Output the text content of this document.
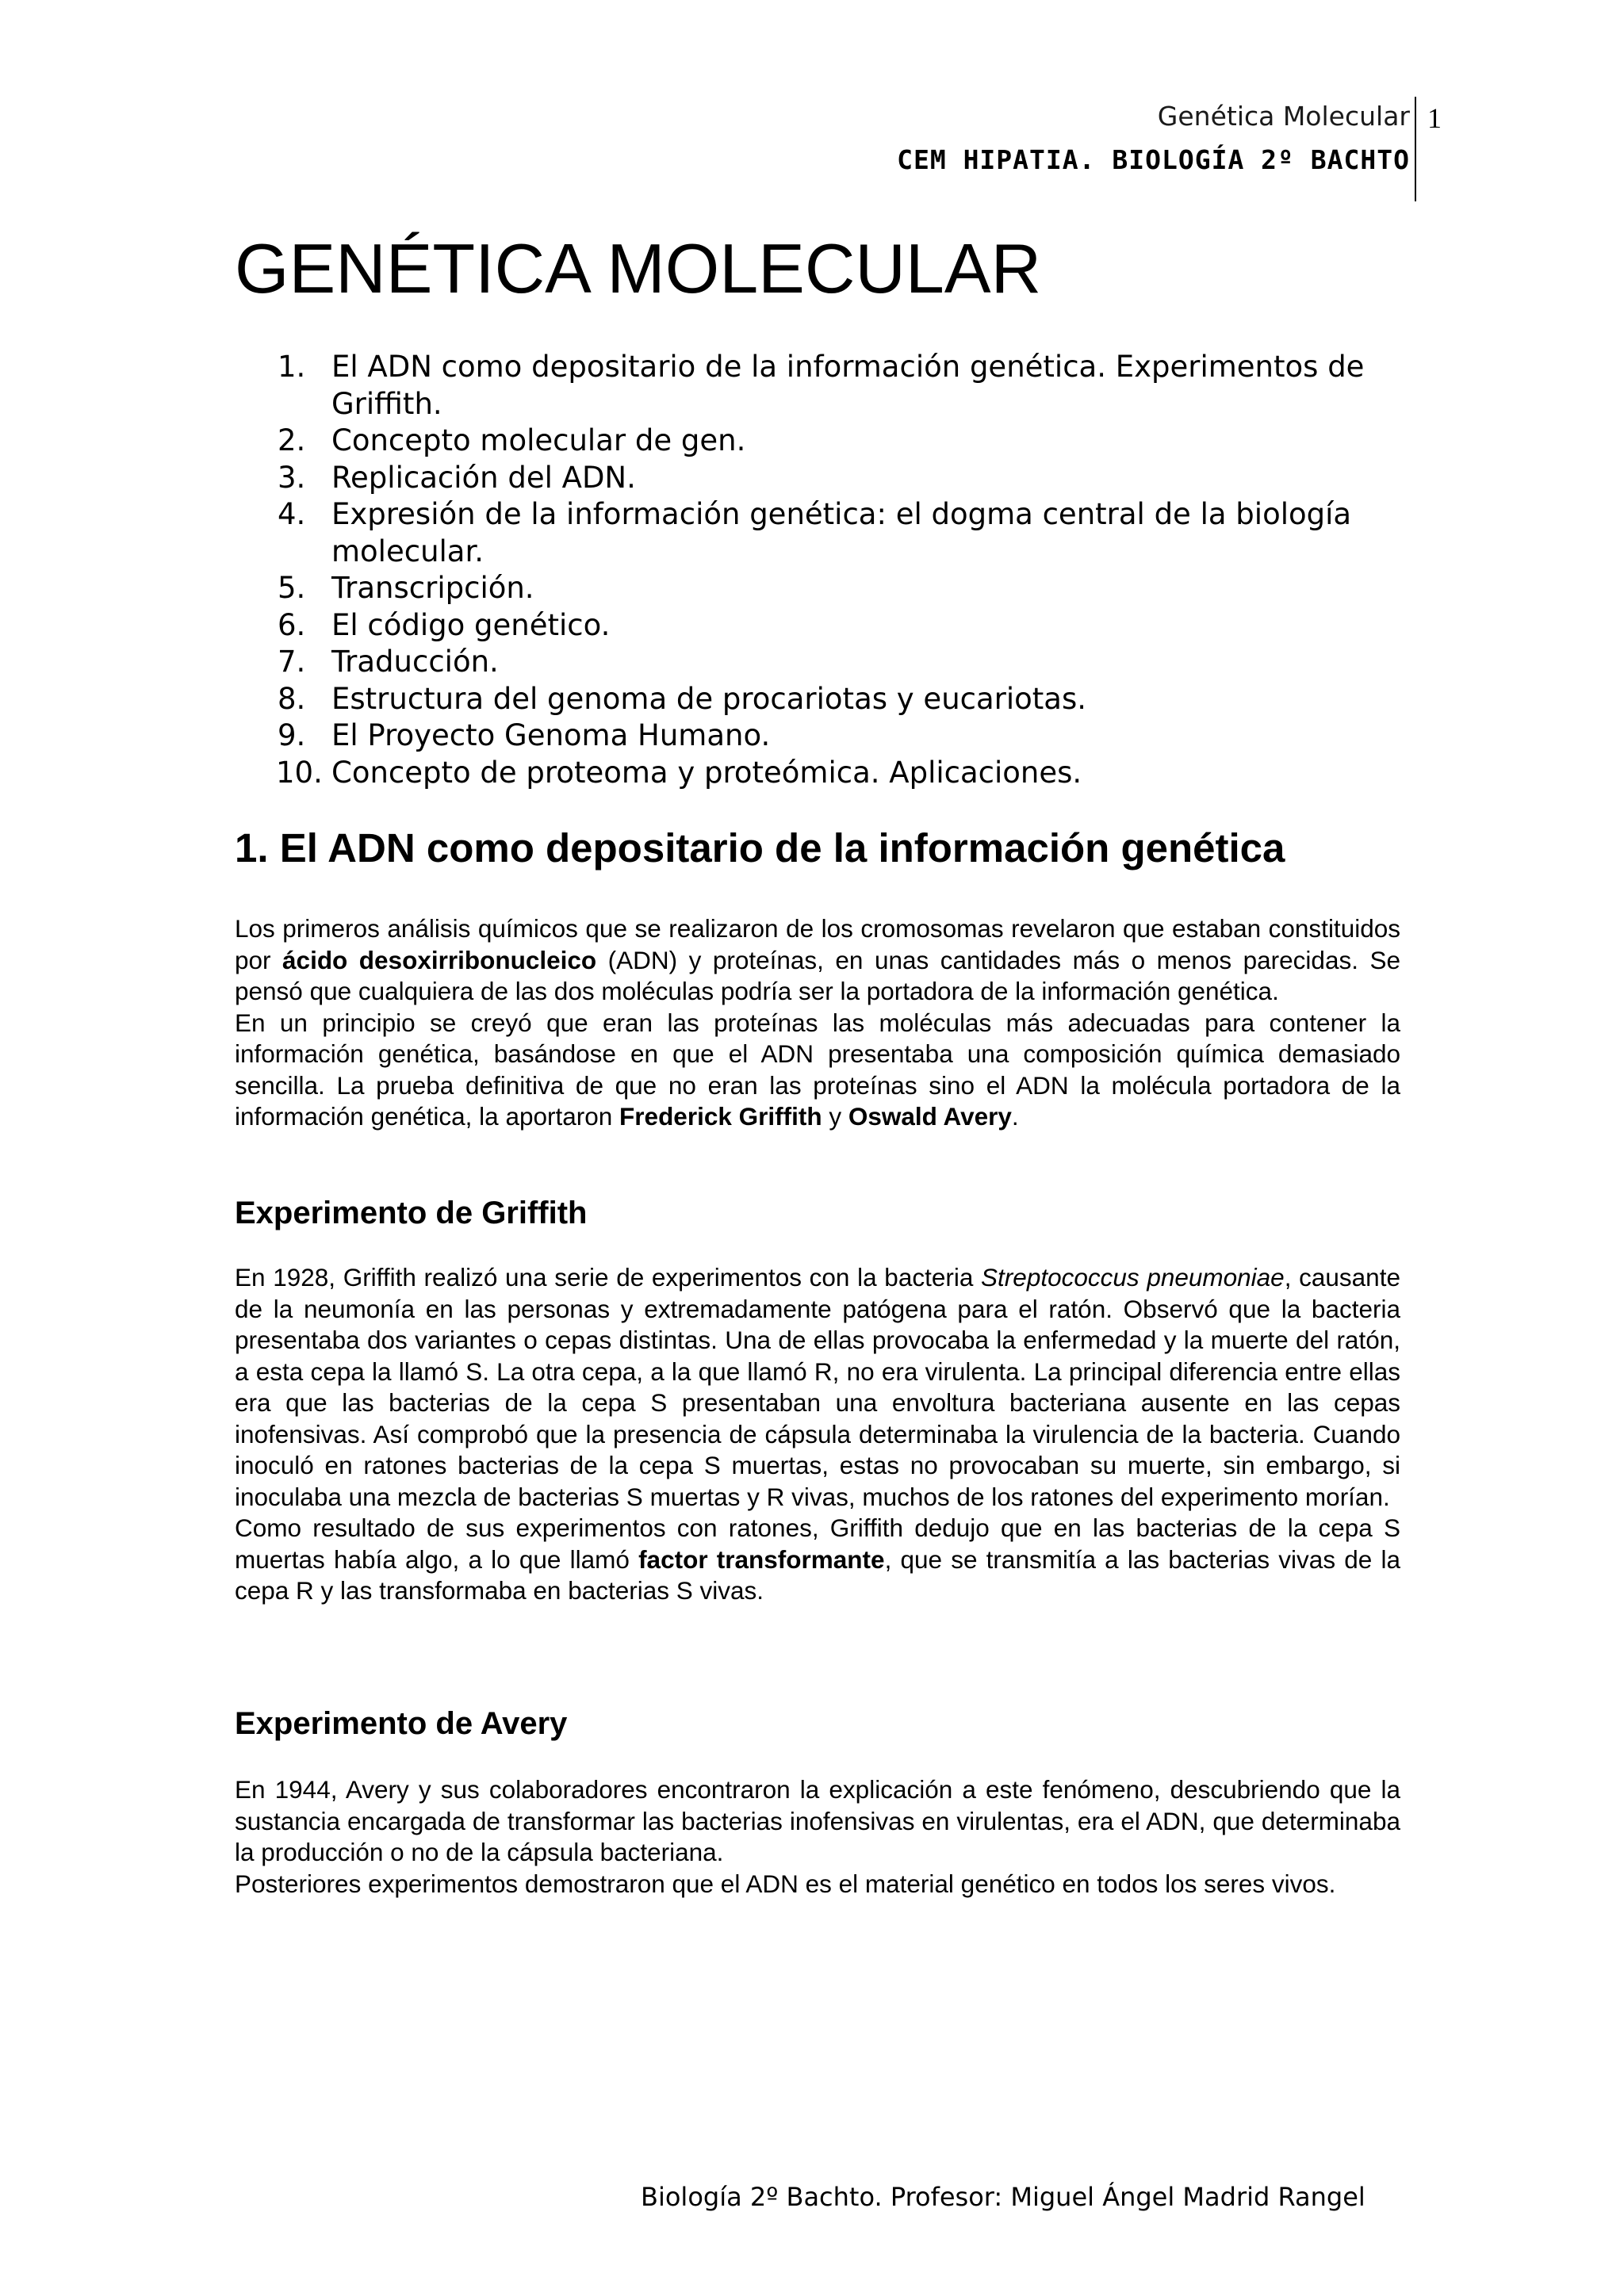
Genética Molecular
CEM HIPATIA. BIOLOGÍA 2º BACHTO
1
GENÉTICA MOLECULAR
1. El ADN como depositario de la información genética. Experimentos de Griffith.
2. Concepto molecular de gen.
3. Replicación del ADN.
4. Expresión de la información genética: el dogma central de la biología molecular.
5. Transcripción.
6. El código genético.
7. Traducción.
8. Estructura del genoma de procariotas y eucariotas.
9. El Proyecto Genoma Humano.
10. Concepto de proteoma y proteómica. Aplicaciones.
1. El ADN como depositario de la información genética

Los primeros análisis químicos que se realizaron de los cromosomas revelaron que estaban constituidos por ácido desoxirribonucleico (ADN) y proteínas, en unas cantidades más o menos parecidas. Se pensó que cualquiera de las dos moléculas podría ser la portadora de la información genética.
En un principio se creyó que eran las proteínas las moléculas más adecuadas para contener la información genética, basándose en que el ADN presentaba una composición química demasiado sencilla. La prueba definitiva de que no eran las proteínas sino el ADN la molécula portadora de la información genética, la aportaron Frederick Griffith y Oswald Avery.

Experimento de Griffith

En 1928, Griffith realizó una serie de experimentos con la bacteria Streptococcus pneumoniae, causante de la neumonía en las personas y extremadamente patógena para el ratón. Observó que la bacteria presentaba dos variantes o cepas distintas. Una de ellas provocaba la enfermedad y la muerte del ratón, a esta cepa la llamó S. La otra cepa, a la que llamó R, no era virulenta. La principal diferencia entre ellas era que las bacterias de la cepa S presentaban una envoltura bacteriana ausente en las cepas inofensivas. Así comprobó que la presencia de cápsula determinaba la virulencia de la bacteria. Cuando inoculó en ratones bacterias de la cepa S muertas, estas no provocaban su muerte, sin embargo, si inoculaba una mezcla de bacterias S muertas y R vivas, muchos de los ratones del experimento morían.
Como resultado de sus experimentos con ratones, Griffith dedujo que en las bacterias de la cepa S muertas había algo, a lo que llamó factor transformante, que se transmitía a las bacterias vivas de la cepa R y las transformaba en bacterias S vivas.

Experimento de Avery

En 1944, Avery y sus colaboradores encontraron la explicación a este fenómeno, descubriendo que la sustancia encargada de transformar las bacterias inofensivas en virulentas, era el ADN, que determinaba la producción o no de la cápsula bacteriana.
Posteriores experimentos demostraron que el ADN es el material genético en todos los seres vivos.

Biología 2º Bachto. Profesor: Miguel Ángel Madrid Rangel
